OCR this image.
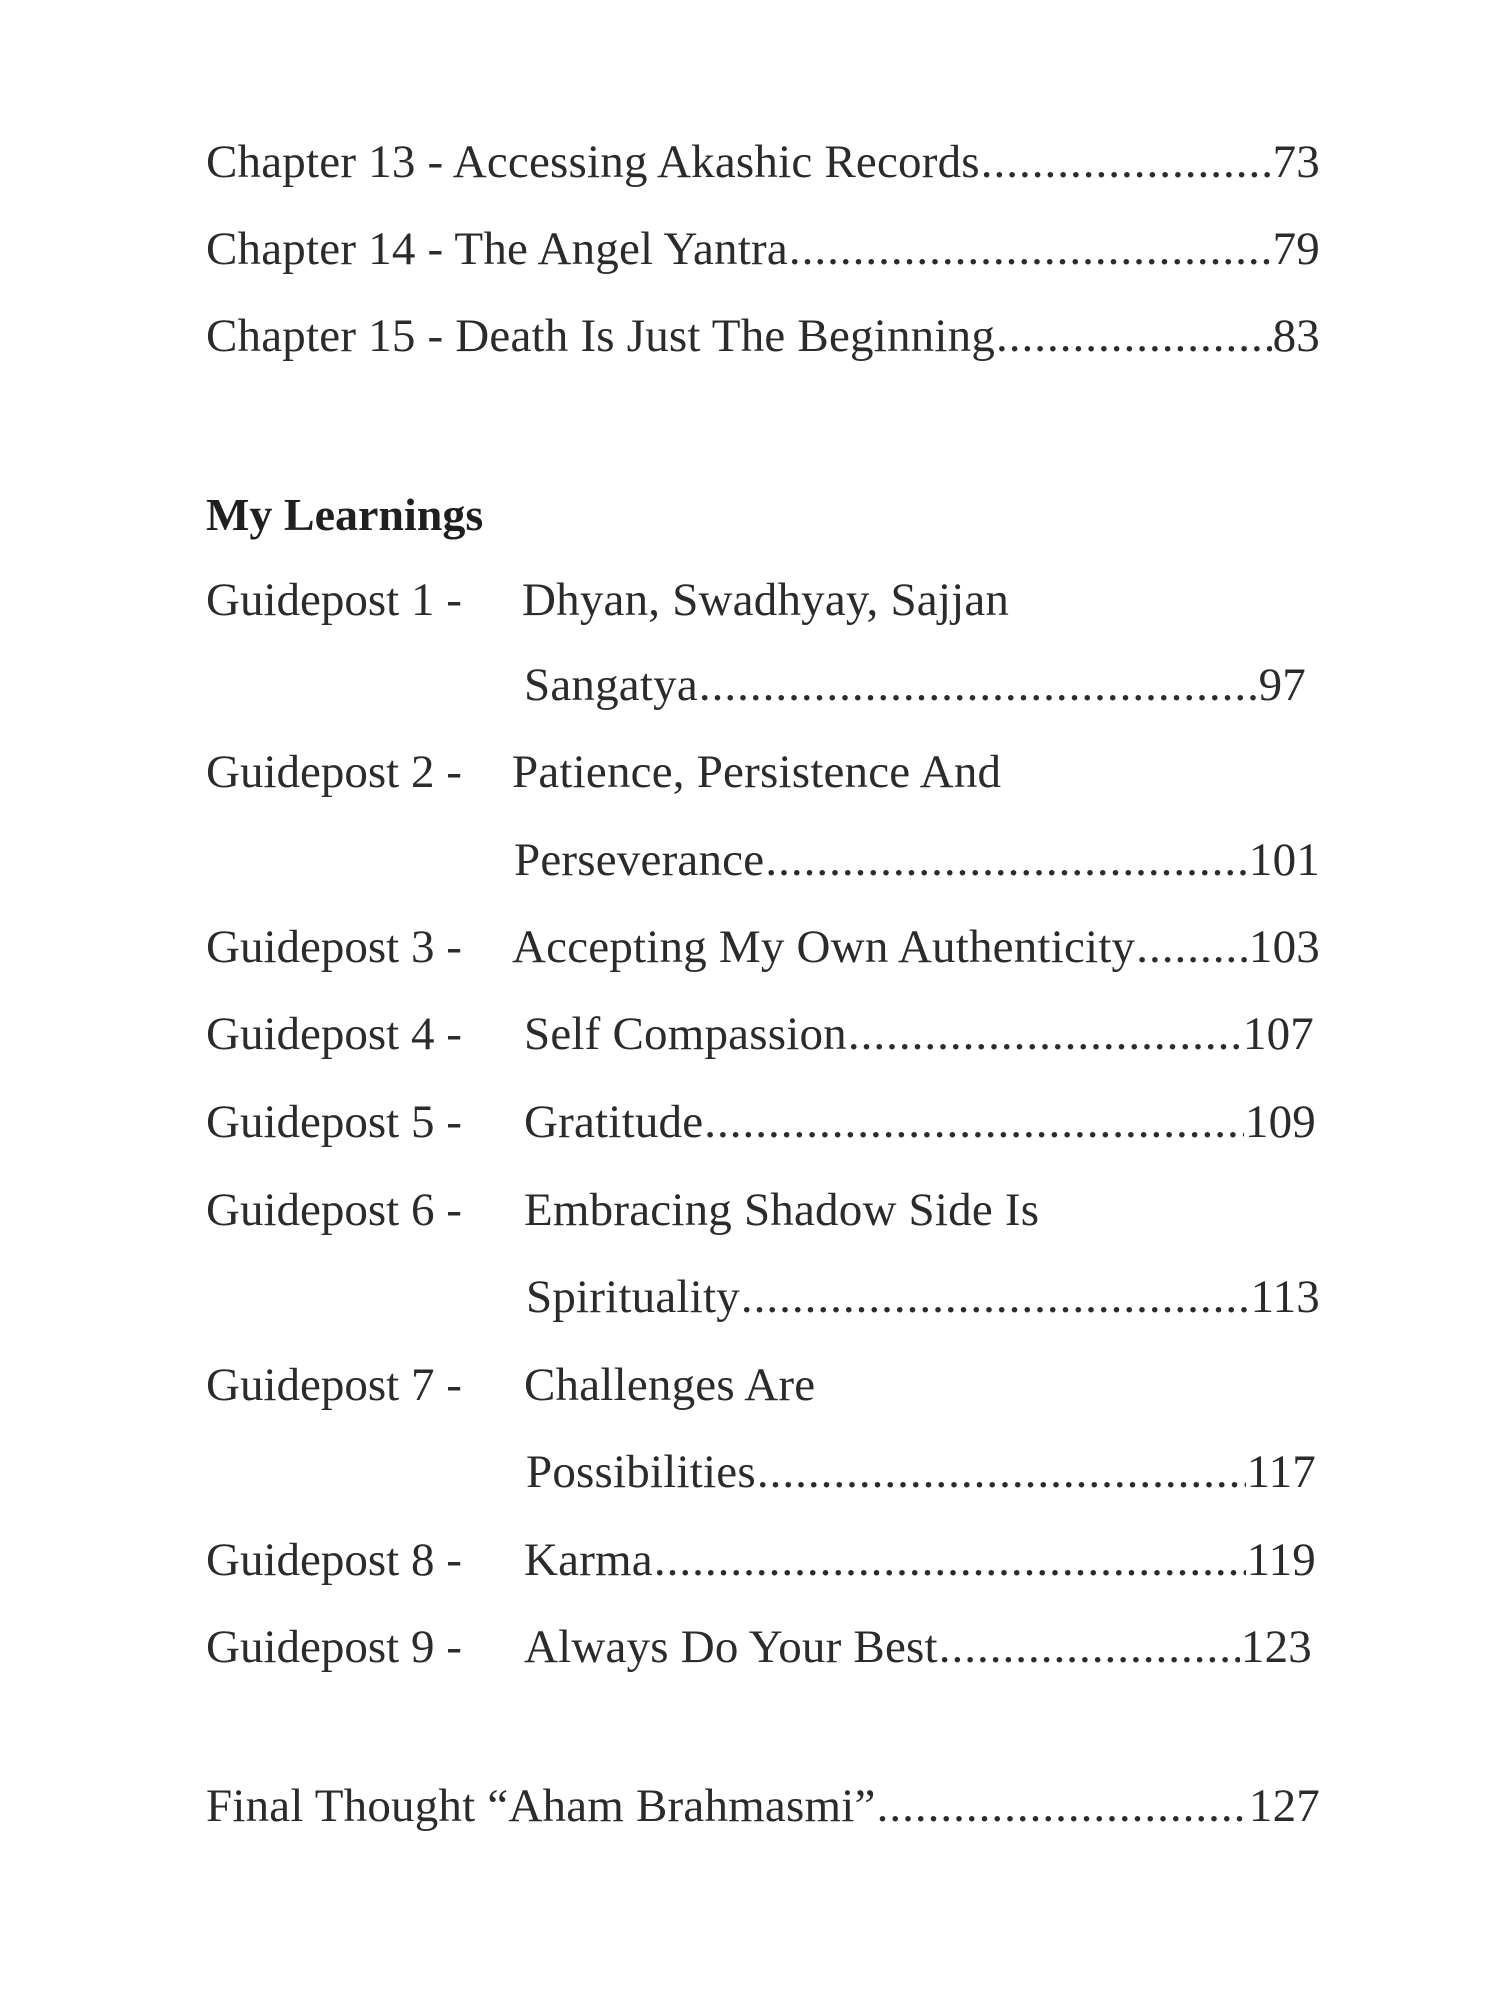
Chapter 13 - Accessing Akashic Records .....	73
Chapter 14 - The Angel Yantra .....	79
Chapter 15 - Death Is Just The Beginning .....	83
My Learnings
Guidepost 1 - Dhyan, Swadhyay, Sajjan
Sangatya .....	97
Guidepost 2 - Patience, Persistence And
Perseverance .....	101
Guidepost 3 - Accepting My Own Authenticity ..... 103
Guidepost 4 - Self Compassion .....	107
Guidepost 5 - Gratitude .....	109
Guidepost 6 - Embracing Shadow Side Is
Spirituality .....	113
Guidepost 7 - Challenges Are
Possibilities .....	117
Guidepost 8 - Karma .....	119
Guidepost 9 - Always Do Your Best .....	123
Final Thought “Aham Brahmasmi” .....	127
